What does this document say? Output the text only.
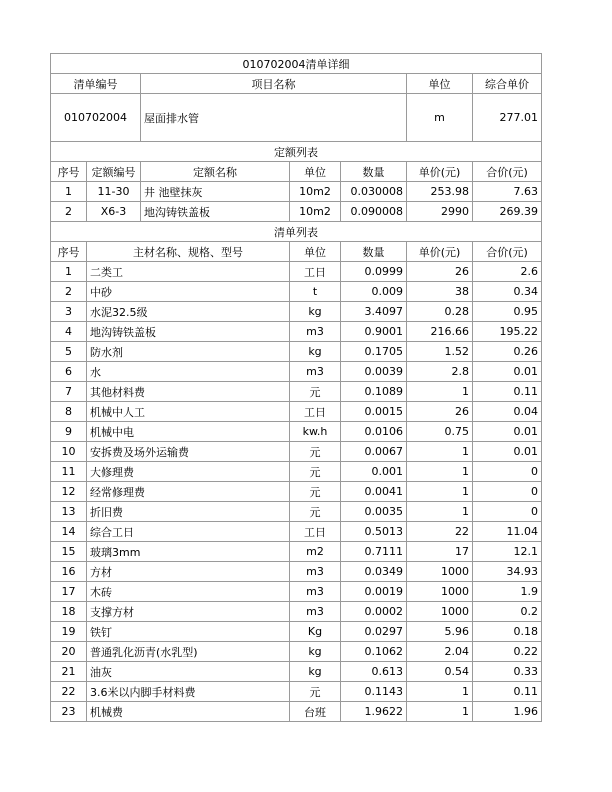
010702004清单详细						
清单编号		项目名称			单位	综合单价
010702004		屋面排水管			m	277.01
定额列表						
序号	定额编号	定额名称	单位	数量	单价(元)	合价(元)
1	11-30	井 池壁抹灰	10m2	0.030008	253.98	7.63
2	X6-3	地沟铸铁盖板	10m2	0.090008	2990	269.39
清单列表						
序号	主材名称、规格、型号		单位	数量	单价(元)	合价(元)
1	二类工		工日	0.0999	26	2.6
2	中砂		t	0.009	38	0.34
3	水泥32.5级		kg	3.4097	0.28	0.95
4	地沟铸铁盖板		m3	0.9001	216.66	195.22
5	防水剂		kg	0.1705	1.52	0.26
6	水		m3	0.0039	2.8	0.01
7	其他材料费		元	0.1089	1	0.11
8	机械中人工		工日	0.0015	26	0.04
9	机械中电		kw.h	0.0106	0.75	0.01
10	安拆费及场外运输费		元	0.0067	1	0.01
11	大修理费		元	0.001	1	0
12	经常修理费		元	0.0041	1	0
13	折旧费		元	0.0035	1	0
14	综合工日		工日	0.5013	22	11.04
15	玻璃3mm		m2	0.7111	17	12.1
16	方材		m3	0.0349	1000	34.93
17	木砖		m3	0.0019	1000	1.9
18	支撑方材		m3	0.0002	1000	0.2
19	铁钉		Kg	0.0297	5.96	0.18
20	普通乳化沥青(水乳型)		kg	0.1062	2.04	0.22
21	油灰		kg	0.613	0.54	0.33
22	3.6米以内脚手材料费		元	0.1143	1	0.11
23	机械费		台班	1.9622	1	1.96
